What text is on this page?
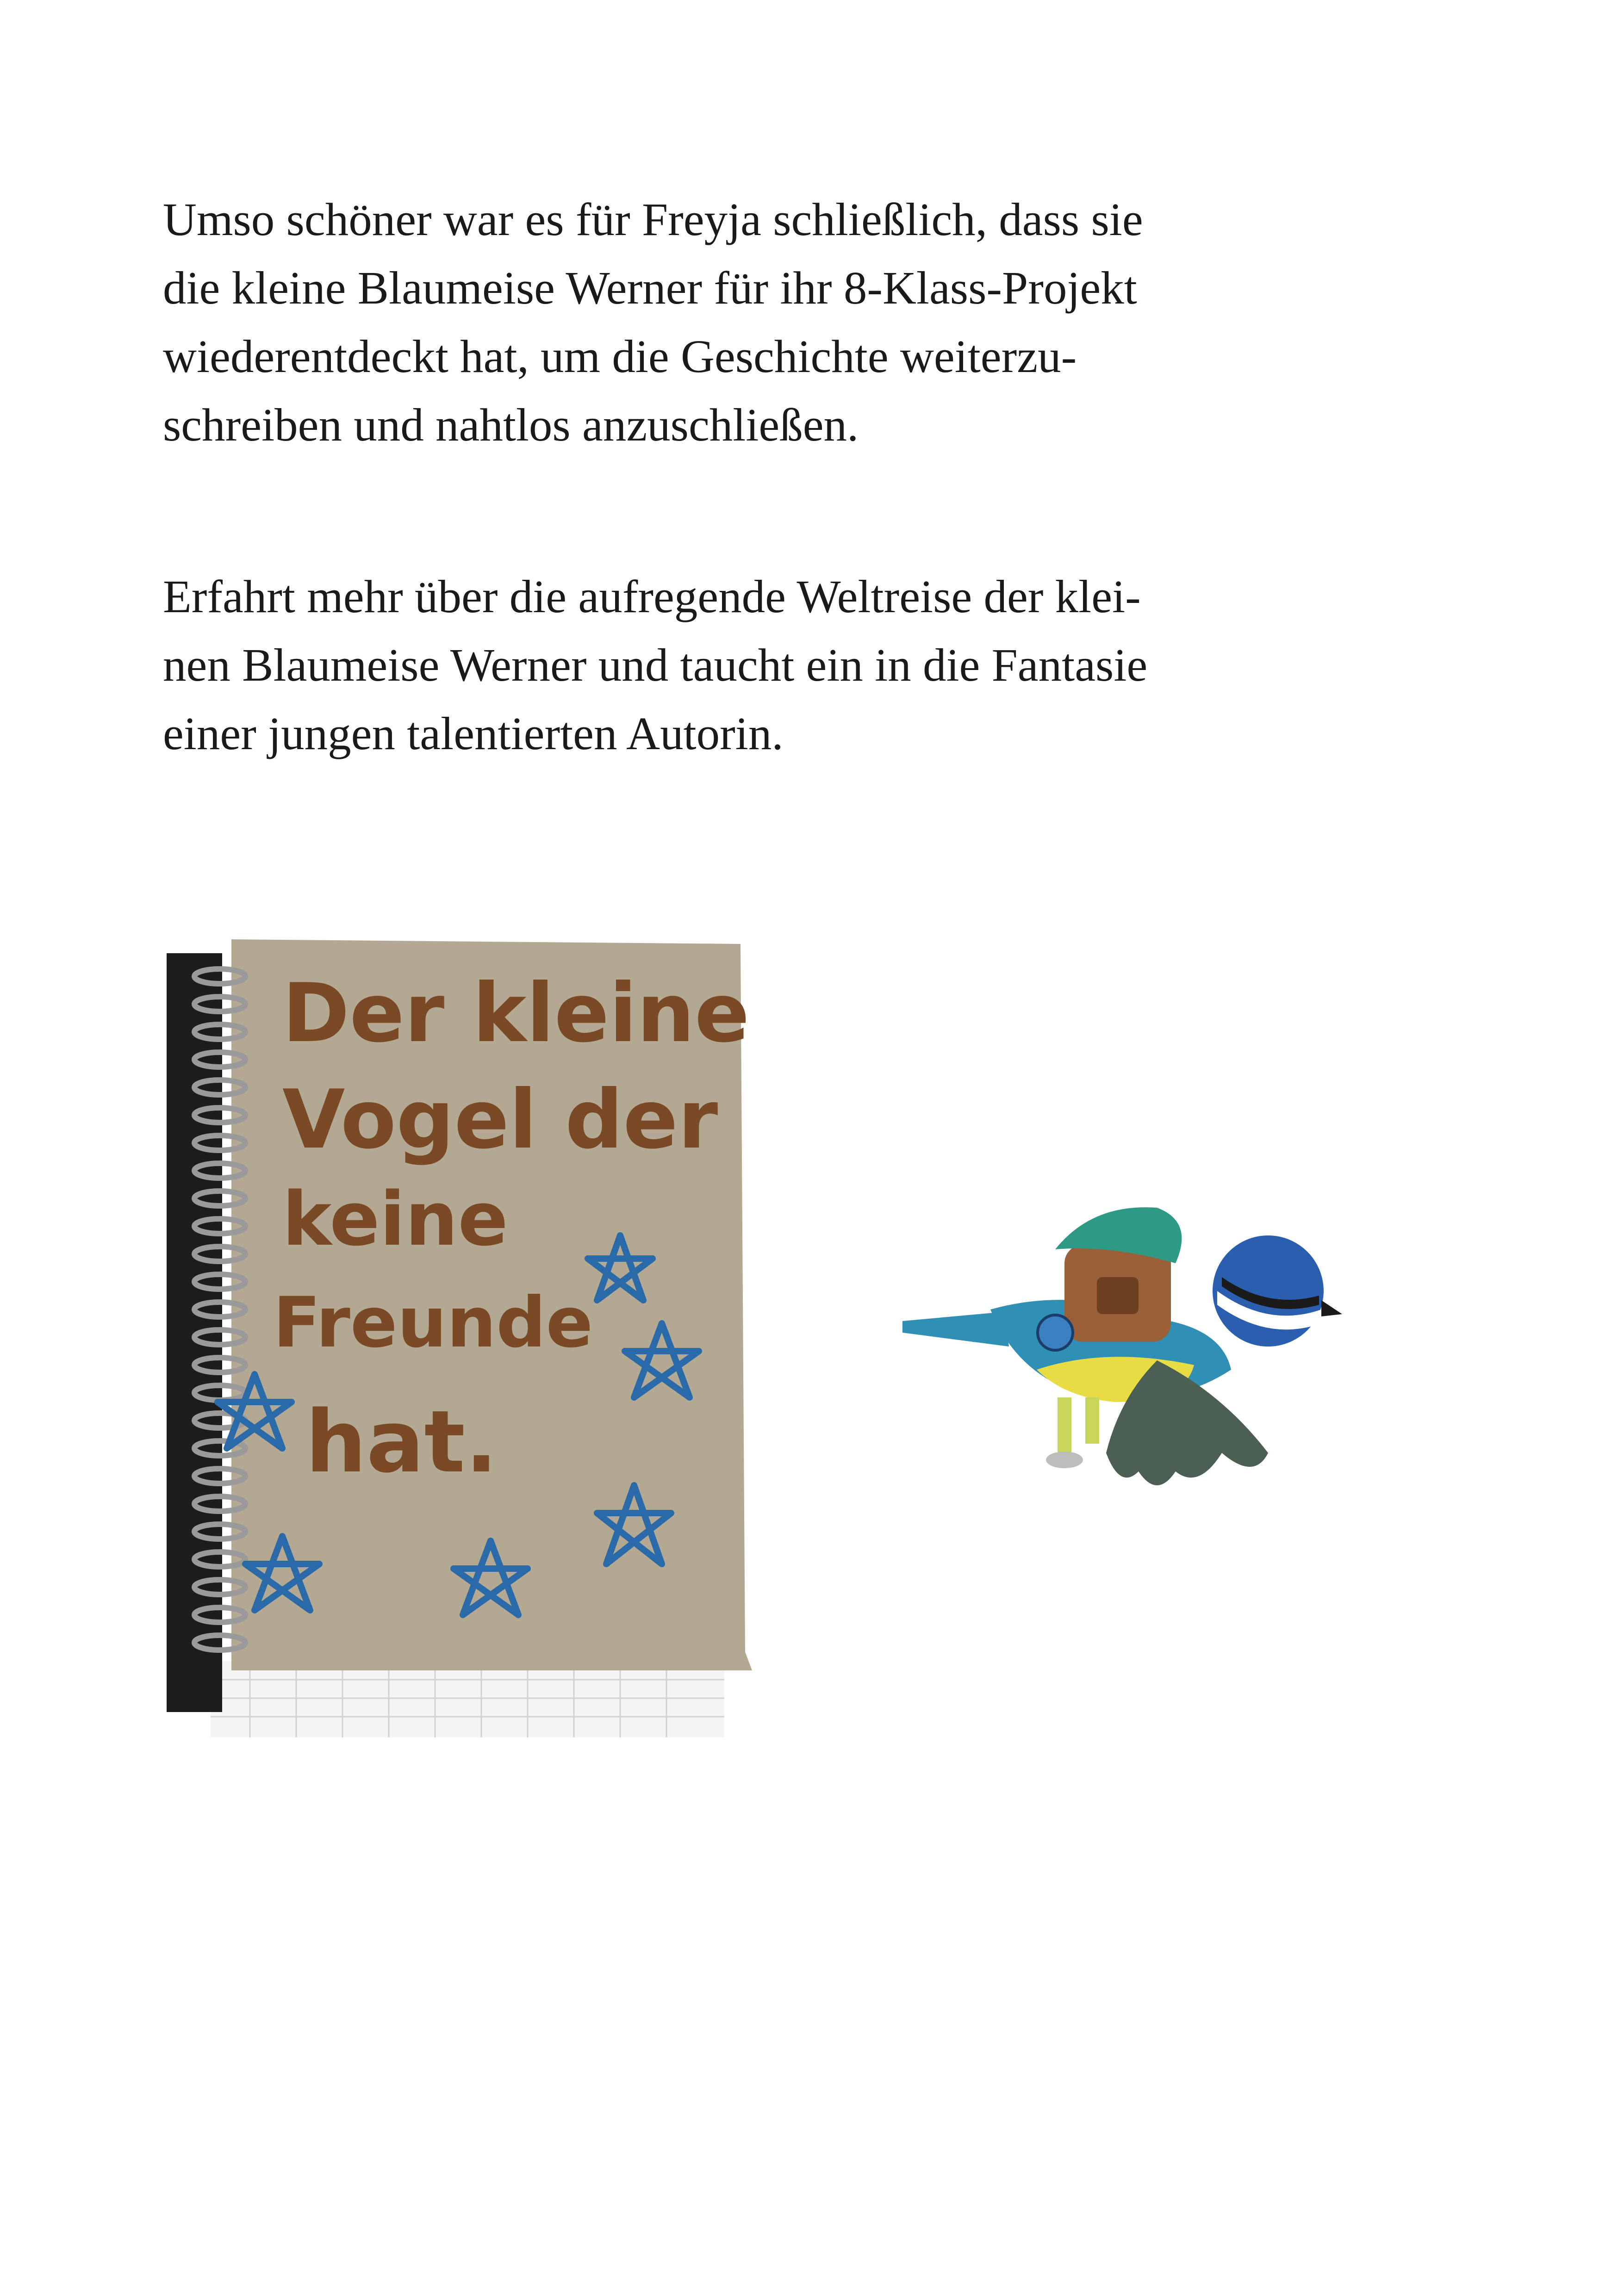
Umso schöner war es für Freyja schließlich, dass sie
die kleine Blaumeise Werner für ihr 8-Klass-Projekt
wiederentdeckt hat, um die Geschichte weiterzu-
schreiben und nahtlos anzuschließen.
Erfahrt mehr über die aufregende Weltreise der klei-
nen Blaumeise Werner und taucht ein in die Fantasie
einer jungen talentierten Autorin.
Der kleine
Vogel der
keine
Freunde
hat.
